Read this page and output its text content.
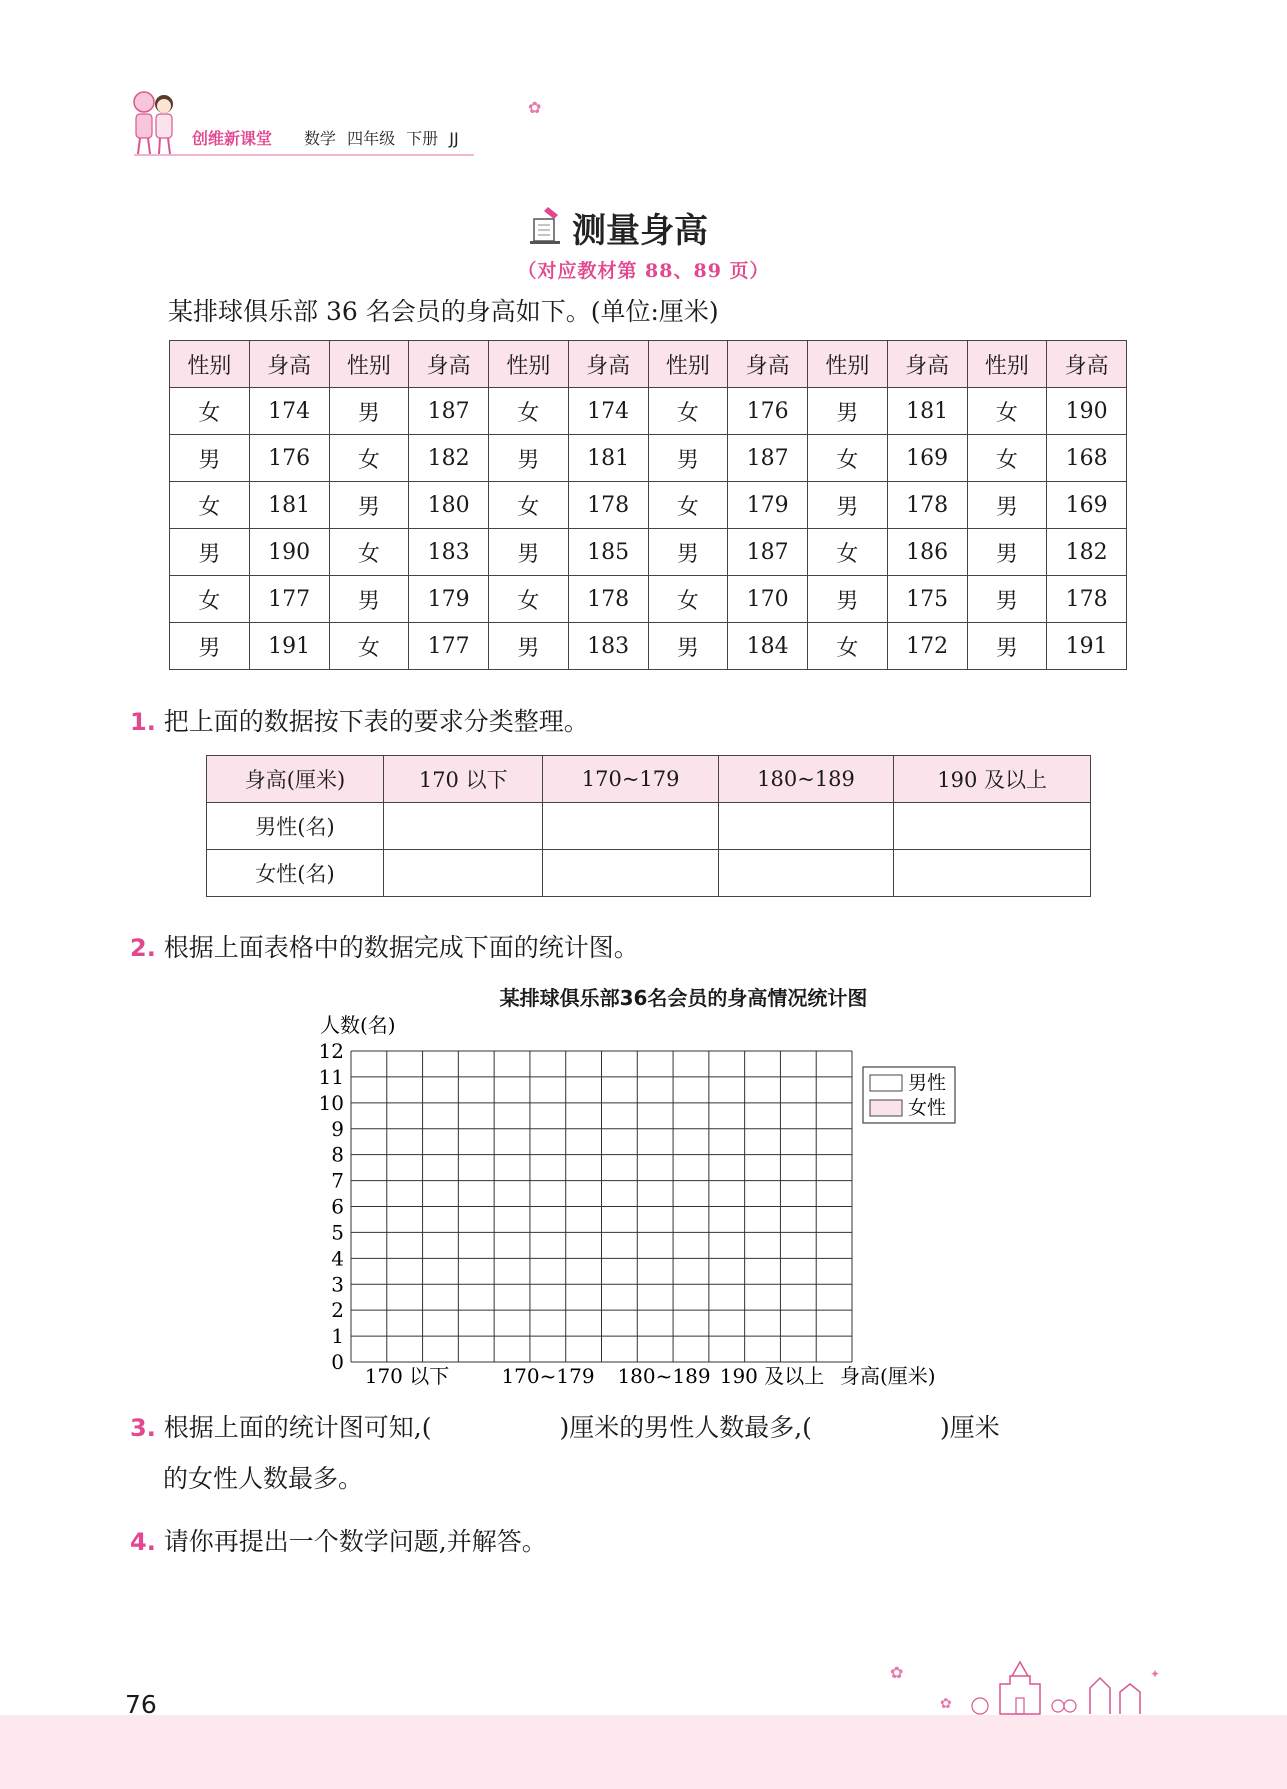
创维新课堂 数学 四年级 下册 JJ
✿
测量身高
（对应教材第 88、89 页）
某排球俱乐部 36 名会员的身高如下。(单位:厘米)
性别	身高	性别	身高	性别	身高	性别	身高	性别	身高	性别	身高
女	174	男	187	女	174	女	176	男	181	女	190
男	176	女	182	男	181	男	187	女	169	女	168
女	181	男	180	女	178	女	179	男	178	男	169
男	190	女	183	男	185	男	187	女	186	男	182
女	177	男	179	女	178	女	170	男	175	男	178
男	191	女	177	男	183	男	184	女	172	男	191
1. 把上面的数据按下表的要求分类整理。
身高(厘米)	170 以下	170~179	180~189	190 及以上
男性(名)				
女性(名)				
2. 根据上面表格中的数据完成下面的统计图。
某排球俱乐部36名会员的身高情况统计图
0
1
2
3
4
5
6
7
8
9
10
11
12
170 以下	170~179 180~189 190 及以上
人数(名)
身高(厘米)
男性
女性
3. 根据上面的统计图可知,(	)厘米的男性人数最多,(	)厘米
的女性人数最多。
4. 请你再提出一个数学问题,并解答。
76
✿
✿
✦
